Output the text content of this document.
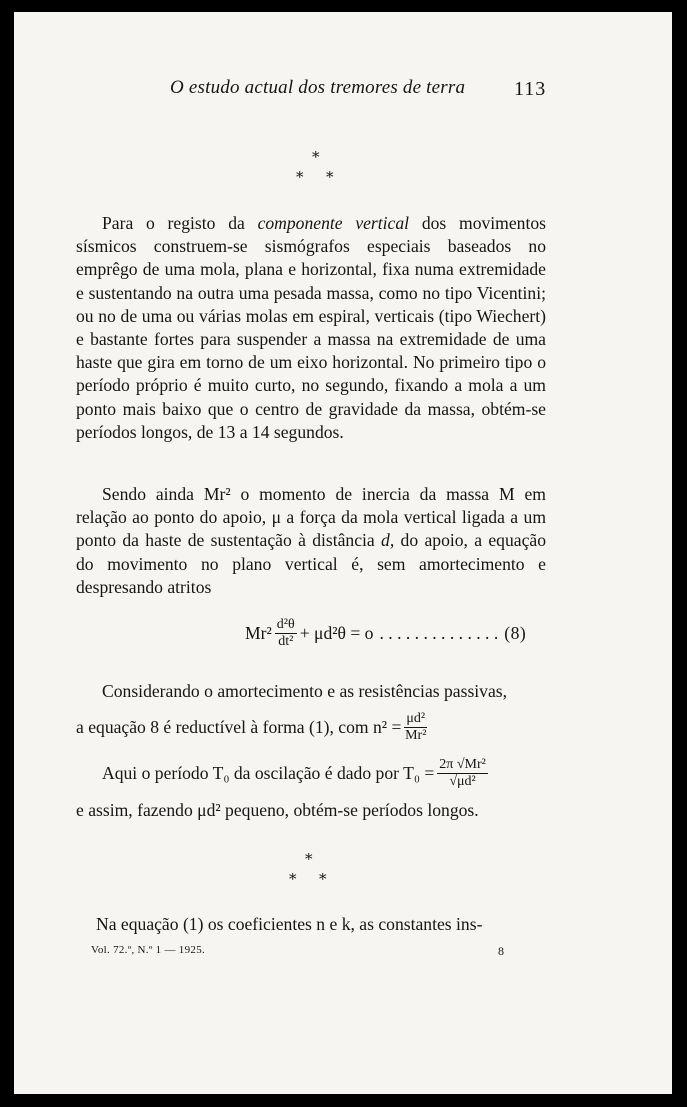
O estudo actual dos tremores de terra 113
*
* *

Para o registo da componente vertical dos movimentos sísmicos construem-se sismógrafos especiais baseados no emprêgo de uma mola, plana e horizontal, fixa numa extremidade e sustentando na outra uma pesada massa, como no tipo Vicentini; ou no de uma ou várias molas em espiral, verticais (tipo Wiechert) e bastante fortes para suspender a massa na extremidade de uma haste que gira em torno de um eixo horizontal. No primeiro tipo o período próprio é muito curto, no segundo, fixando a mola a um ponto mais baixo que o centro de gravidade da massa, obtém-se períodos longos, de 13 a 14 segundos.

Sendo ainda Mr² o momento de inercia da massa M em relação ao ponto do apoio, μ a força da mola vertical ligada a um ponto da haste de sustentação à distância d, do apoio, a equação do movimento no plano vertical é, sem amortecimento e despresando atritos

$Mr^2 \frac{\text{d²θ}}{\text{dt²}} + \mu d^2\theta = o$ . . . . . . . . . . . . . . (8)

Considerando o amortecimento e as resistências passivas,

a equação 8 é reductível à forma (1), com $n^2 = \frac{\text{μd²}}{\text{Mr²}}$
Aqui o período T₀ da oscilação é dado por $T_0 = \frac{\text{2π √Mr²}}{\text{√μd²}}$
e assim, fazendo μd² pequeno, obtém-se períodos longos.
*
* *
Na equação (1) os coeficientes n e k, as constantes ins-
Vol. 72.º, N.º 1 — 1925.	8
